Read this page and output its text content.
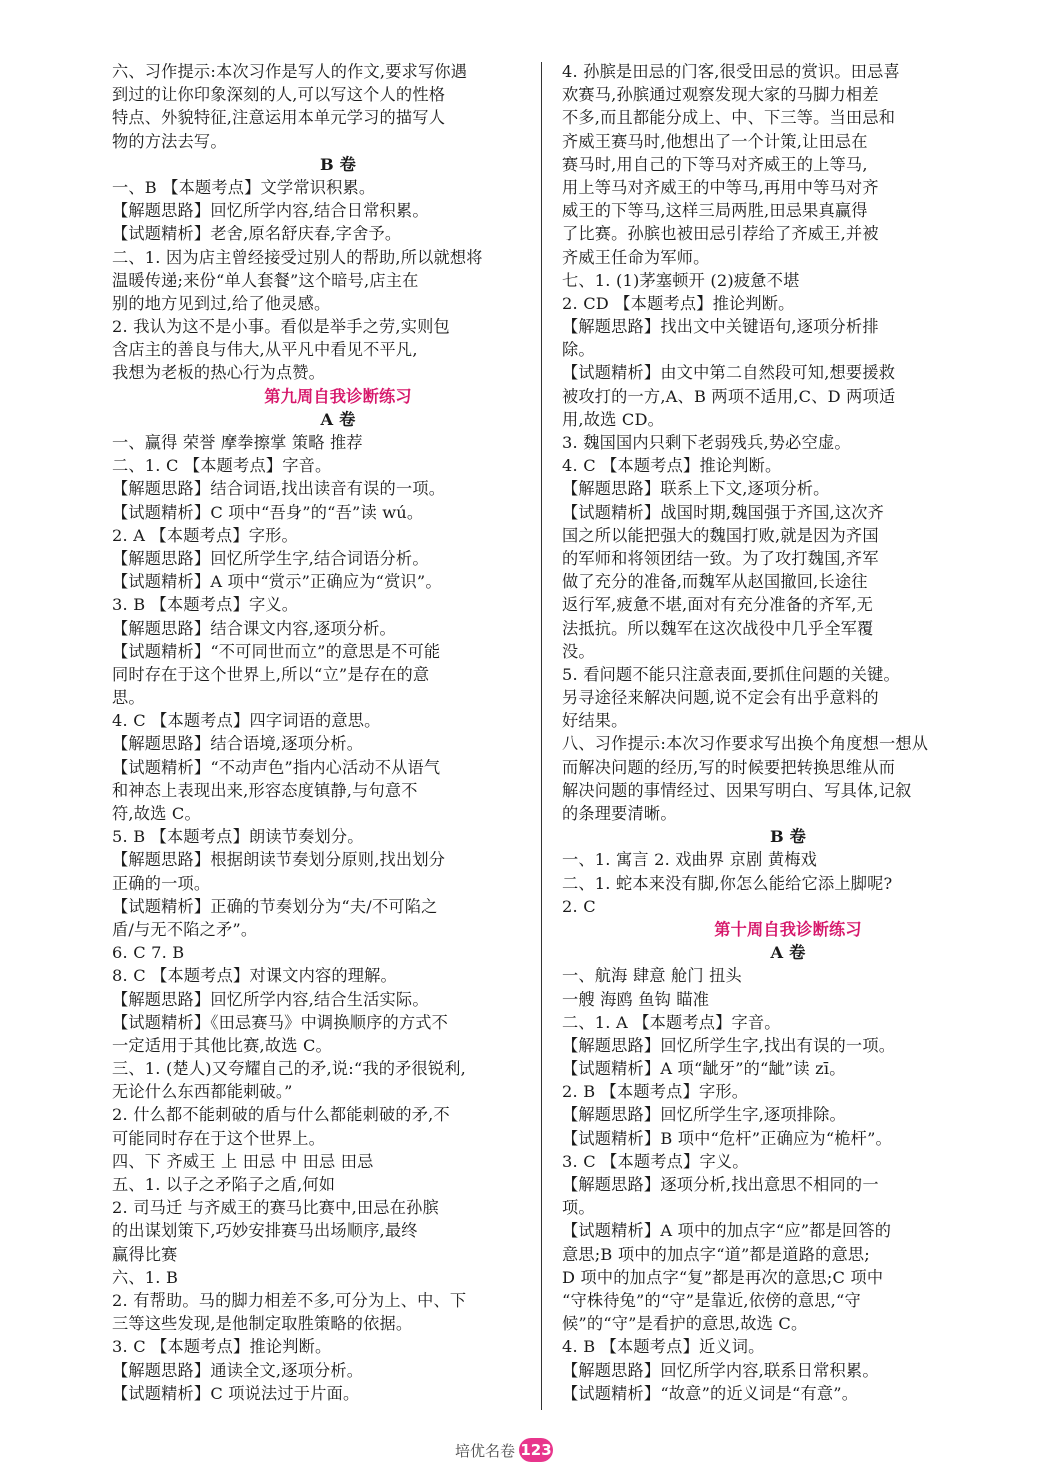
六、习作提示:本次习作是写人的作文,要求写你遇
到过的让你印象深刻的人,可以写这个人的性格
特点、外貌特征,注意运用本单元学习的描写人
物的方法去写。
B 卷
一、B 【本题考点】文学常识积累。
【解题思路】回忆所学内容,结合日常积累。
【试题精析】老舍,原名舒庆春,字舍予。
二、1. 因为店主曾经接受过别人的帮助,所以就想将
温暖传递;来份“单人套餐”这个暗号,店主在
别的地方见到过,给了他灵感。
2. 我认为这不是小事。看似是举手之劳,实则包
含店主的善良与伟大,从平凡中看见不平凡,
我想为老板的热心行为点赞。
第九周自我诊断练习
A 卷
一、赢得 荣誉 摩拳擦掌 策略 推荐
二、1. C 【本题考点】字音。
【解题思路】结合词语,找出读音有误的一项。
【试题精析】C 项中“吾身”的“吾”读 wú。
2. A 【本题考点】字形。
【解题思路】回忆所学生字,结合词语分析。
【试题精析】A 项中“赏示”正确应为“赏识”。
3. B 【本题考点】字义。
【解题思路】结合课文内容,逐项分析。
【试题精析】“不可同世而立”的意思是不可能
同时存在于这个世界上,所以“立”是存在的意
思。
4. C 【本题考点】四字词语的意思。
【解题思路】结合语境,逐项分析。
【试题精析】“不动声色”指内心活动不从语气
和神态上表现出来,形容态度镇静,与句意不
符,故选 C。
5. B 【本题考点】朗读节奏划分。
【解题思路】根据朗读节奏划分原则,找出划分
正确的一项。
【试题精析】正确的节奏划分为“夫/不可陷之
盾/与无不陷之矛”。
6. C 7. B
8. C 【本题考点】对课文内容的理解。
【解题思路】回忆所学内容,结合生活实际。
【试题精析】《田忌赛马》中调换顺序的方式不
一定适用于其他比赛,故选 C。
三、1. (楚人)又夸耀自己的矛,说:“我的矛很锐利,
无论什么东西都能刺破。”
2. 什么都不能刺破的盾与什么都能刺破的矛,不
可能同时存在于这个世界上。
四、下 齐威王 上 田忌 中 田忌 田忌
五、1. 以子之矛陷子之盾,何如
2. 司马迁 与齐威王的赛马比赛中,田忌在孙膑
的出谋划策下,巧妙安排赛马出场顺序,最终
赢得比赛
六、1. B
2. 有帮助。马的脚力相差不多,可分为上、中、下
三等这些发现,是他制定取胜策略的依据。
3. C 【本题考点】推论判断。
【解题思路】通读全文,逐项分析。
【试题精析】C 项说法过于片面。
4. 孙膑是田忌的门客,很受田忌的赏识。田忌喜
欢赛马,孙膑通过观察发现大家的马脚力相差
不多,而且都能分成上、中、下三等。当田忌和
齐威王赛马时,他想出了一个计策,让田忌在
赛马时,用自己的下等马对齐威王的上等马,
用上等马对齐威王的中等马,再用中等马对齐
威王的下等马,这样三局两胜,田忌果真赢得
了比赛。孙膑也被田忌引荐给了齐威王,并被
齐威王任命为军师。
七、1. (1)茅塞顿开 (2)疲惫不堪
2. CD 【本题考点】推论判断。
【解题思路】找出文中关键语句,逐项分析排
除。
【试题精析】由文中第二自然段可知,想要援救
被攻打的一方,A、B 两项不适用,C、D 两项适
用,故选 CD。
3. 魏国国内只剩下老弱残兵,势必空虚。
4. C 【本题考点】推论判断。
【解题思路】联系上下文,逐项分析。
【试题精析】战国时期,魏国强于齐国,这次齐
国之所以能把强大的魏国打败,就是因为齐国
的军师和将领团结一致。为了攻打魏国,齐军
做了充分的准备,而魏军从赵国撤回,长途往
返行军,疲惫不堪,面对有充分准备的齐军,无
法抵抗。所以魏军在这次战役中几乎全军覆
没。
5. 看问题不能只注意表面,要抓住问题的关键。
另寻途径来解决问题,说不定会有出乎意料的
好结果。
八、习作提示:本次习作要求写出换个角度想一想从
而解决问题的经历,写的时候要把转换思维从而
解决问题的事情经过、因果写明白、写具体,记叙
的条理要清晰。
B 卷
一、1. 寓言 2. 戏曲界 京剧 黄梅戏
二、1. 蛇本来没有脚,你怎么能给它添上脚呢?
2. C
第十周自我诊断练习
A 卷
一、航海 肆意 舱门 扭头
一艘 海鸥 鱼钩 瞄准
二、1. A 【本题考点】字音。
【解题思路】回忆所学生字,找出有误的一项。
【试题精析】A 项“龇牙”的“龇”读 zī。
2. B 【本题考点】字形。
【解题思路】回忆所学生字,逐项排除。
【试题精析】B 项中“危杆”正确应为“桅杆”。
3. C 【本题考点】字义。
【解题思路】逐项分析,找出意思不相同的一
项。
【试题精析】A 项中的加点字“应”都是回答的
意思;B 项中的加点字“道”都是道路的意思;
D 项中的加点字“复”都是再次的意思;C 项中
“守株待兔”的“守”是靠近,依傍的意思,“守
候”的“守”是看护的意思,故选 C。
4. B 【本题考点】近义词。
【解题思路】回忆所学内容,联系日常积累。
【试题精析】“故意”的近义词是“有意”。
培优名卷 123
